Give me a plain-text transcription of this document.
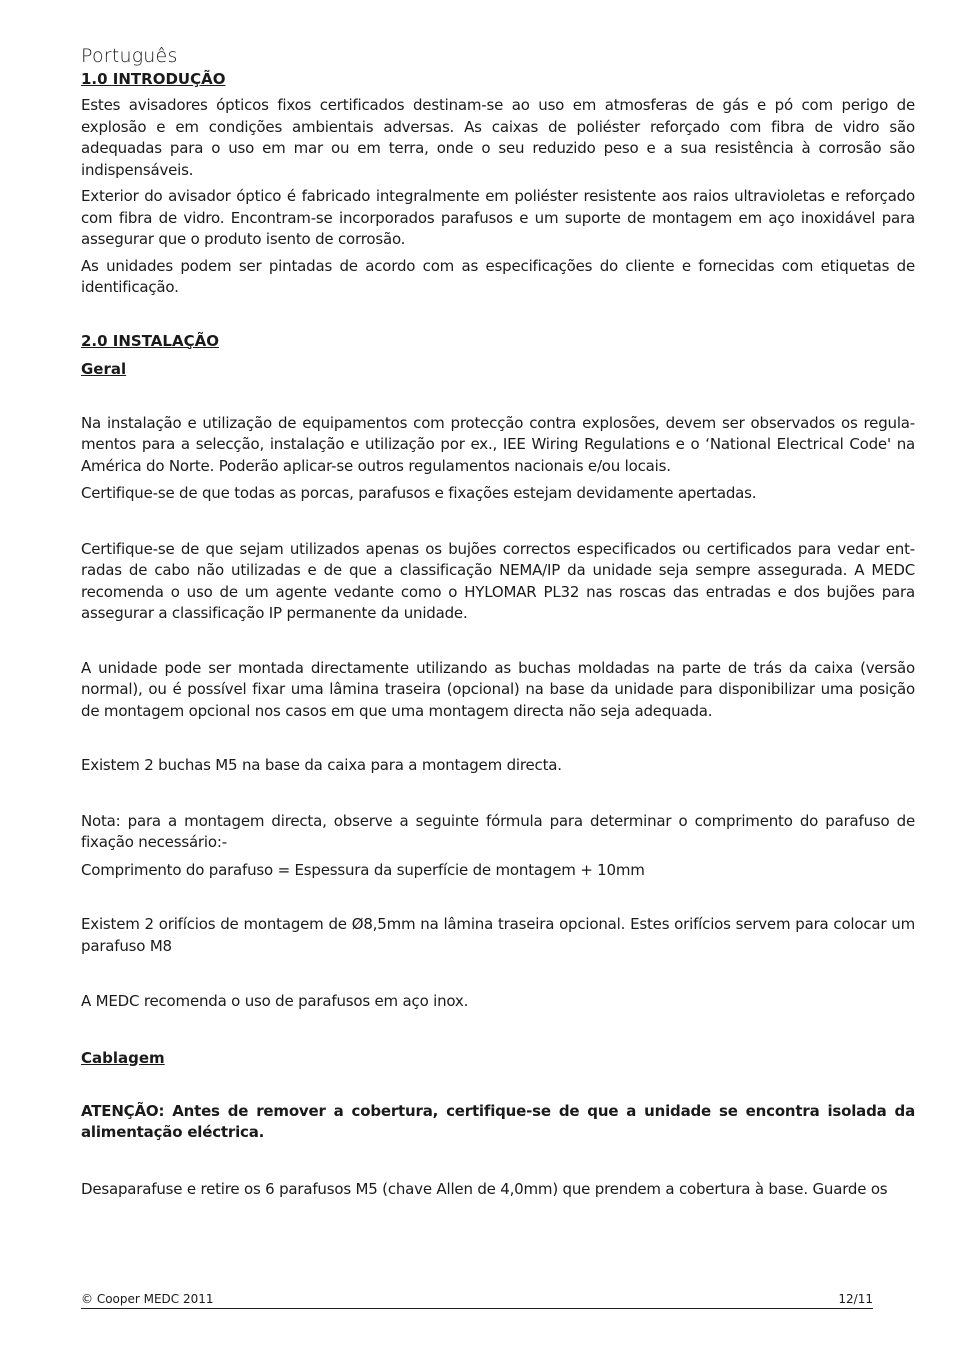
Português
1.0 INTRODUÇÃO

Estes avisadores ópticos fixos certificados destinam-se ao uso em atmosferas de gás e pó com perigo de explosão e em condições ambientais adversas. As caixas de poliéster reforçado com fibra de vidro são adequadas para o uso em mar ou em terra, onde o seu reduzido peso e a sua resistência à corrosão são indispensáveis.

Exterior do avisador óptico é fabricado integralmente em poliéster resistente aos raios ultravioletas e reforçado com fibra de vidro. Encontram-se incorporados parafusos e um suporte de montagem em aço inoxidável para assegurar que o produto isento de corrosão.

As unidades podem ser pintadas de acordo com as especificações do cliente e fornecidas com etiquetas de identificação.

2.0 INSTALAÇÃO
Geral

Na instalação e utilização de equipamentos com protecção contra explosões, devem ser observados os regula-mentos para a selecção, instalação e utilização por ex., IEE Wiring Regulations e o ‘National Electrical Code' na América do Norte. Poderão aplicar-se outros regulamentos nacionais e/ou locais.

Certifique-se de que todas as porcas, parafusos e fixações estejam devidamente apertadas.

Certifique-se de que sejam utilizados apenas os bujões correctos especificados ou certificados para vedar ent-radas de cabo não utilizadas e de que a classificação NEMA/IP da unidade seja sempre assegurada. A MEDC recomenda o uso de um agente vedante como o HYLOMAR PL32 nas roscas das entradas e dos bujões para assegurar a classificação IP permanente da unidade.

A unidade pode ser montada directamente utilizando as buchas moldadas na parte de trás da caixa (versão normal), ou é possível fixar uma lâmina traseira (opcional) na base da unidade para disponibilizar uma posição de montagem opcional nos casos em que uma montagem directa não seja adequada.

Existem 2 buchas M5 na base da caixa para a montagem directa.

Nota: para a montagem directa, observe a seguinte fórmula para determinar o comprimento do parafuso de fixação necessário:-

Comprimento do parafuso = Espessura da superfície de montagem + 10mm

Existem 2 orifícios de montagem de Ø8,5mm na lâmina traseira opcional. Estes orifícios servem para colocar um parafuso M8

A MEDC recomenda o uso de parafusos em aço inox.

Cablagem

ATENÇÃO: Antes de remover a cobertura, certifique-se de que a unidade se encontra isolada da alimentação eléctrica.

Desaparafuse e retire os 6 parafusos M5 (chave Allen de 4,0mm) que prendem a cobertura à base. Guarde os

© Cooper MEDC 2011	12/11
